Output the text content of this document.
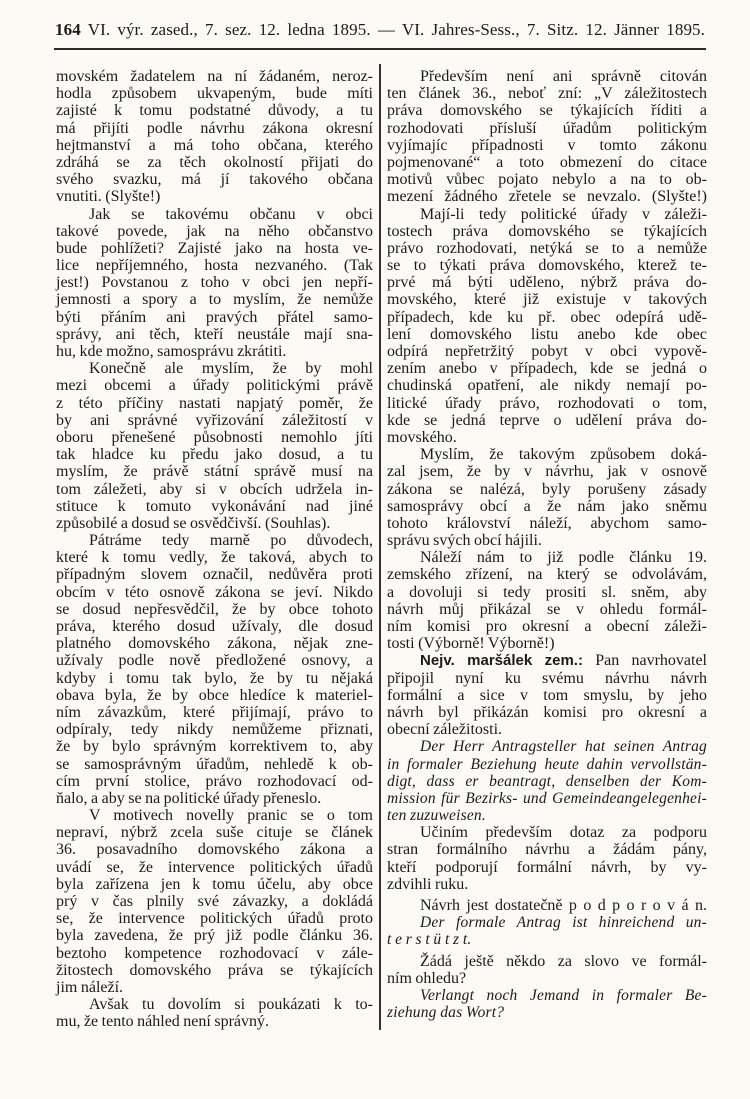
164 VI. výr. zased., 7. sez. 12. ledna 1895. — VI. Jahres-Sess., 7. Sitz. 12. Jänner 1895.
movském žadatelem na ní žádaném, neroz-
hodla způsobem ukvapeným, bude míti
zajisté k tomu podstatné důvody, a tu
má přijíti podle návrhu zákona okresní
hejtmanství a má toho občana, kterého
zdráhá se za těch okolností přijati do
svého svazku, má jí takového občana
vnutiti. (Slyšte!)
Jak se takovému občanu v obci
takové povede, jak na něho občanstvo
bude pohlížeti? Zajisté jako na hosta ve-
lice nepříjemného, hosta nezvaného. (Tak
jest!) Povstanou z toho v obci jen nepří-
jemnosti a spory a to myslím, že nemůže
býti přáním ani pravých přátel samo-
správy, ani těch, kteří neustále mají sna-
hu, kde možno, samosprávu zkrátiti.
Konečně ale myslím, že by mohl
mezi obcemi a úřady politickými právě
z této příčiny nastati napjatý poměr, že
by ani správné vyřizování záležitostí v
oboru přenešené působnosti nemohlo jíti
tak hladce ku předu jako dosud, a tu
myslím, že právě státní správě musí na
tom záležeti, aby si v obcích udržela in-
stituce k tomuto vykonávání nad jiné
způsobilé a dosud se osvědčivší. (Souhlas).
Pátráme tedy marně po důvodech,
které k tomu vedly, že taková, abych to
případným slovem označil, nedůvěra proti
obcím v této osnově zákona se jeví. Nikdo
se dosud nepřesvědčil, že by obce tohoto
práva, kterého dosud užívaly, dle dosud
platného domovského zákona, nějak zne-
užívaly podle nově předložené osnovy, a
kdyby i tomu tak bylo, že by tu nějaká
obava byla, že by obce hledíce k materiel-
ním závazkům, které přijímají, právo to
odpíraly, tedy nikdy nemůžeme přiznati,
že by bylo správným korrektivem to, aby
se samosprávným úřadům, nehledě k ob-
cím první stolice, právo rozhodovací od-
ňalo, a aby se na politické úřady přeneslo.
V motivech novelly pranic se o tom
nepraví, nýbrž zcela suše cituje se článek
36. posavadního domovského zákona a
uvádí se, že intervence politických úřadů
byla zařízena jen k tomu účelu, aby obce
prý v čas plnily své závazky, a dokládá
se, že intervence politických úřadů proto
byla zavedena, že prý již podle článku 36.
beztoho kompetence rozhodovací v zále-
žitostech domovského práva se týkajících
jim náleží.
Avšak tu dovolím si poukázati k to-
mu, že tento náhled není správný.
Především není ani správně citován
ten článek 36., neboť zní: „V záležitostech
práva domovského se týkajících říditi a
rozhodovati přísluší úřadům politickým
vyjímajíc případnosti v tomto zákonu
pojmenované“ a toto obmezení do citace
motivů vůbec pojato nebylo a na to ob-
mezení žádného zřetele se nevzalo. (Slyšte!)
Mají-li tedy politické úřady v záleži-
tostech práva domovského se týkajících
právo rozhodovati, netýká se to a nemůže
se to týkati práva domovského, kterež te-
prvé má býti uděleno, nýbrž práva do-
movského, které již existuje v takových
případech, kde ku př. obec odepírá udě-
lení domovského listu anebo kde obec
odpírá nepřetržitý pobyt v obci vypově-
zením anebo v případech, kde se jedná o
chudinská opatření, ale nikdy nemají po-
litické úřady právo, rozhodovati o tom,
kde se jedná teprve o udělení práva do-
movského.
Myslím, že takovým způsobem doká-
zal jsem, že by v návrhu, jak v osnově
zákona se nalézá, byly porušeny zásady
samosprávy obcí a že nám jako sněmu
tohoto království náleží, abychom samo-
správu svých obcí hájili.
Náleží nám to již podle článku 19.
zemského zřízení, na který se odvolávám,
a dovoluji si tedy prositi sl. sněm, aby
návrh můj přikázal se v ohledu formál-
ním komisi pro okresní a obecní záleži-
tosti (Výborně! Výborně!)
Nejv. maršálek zem.: Pan navrhovatel
připojil nyní ku svému návrhu návrh
formální a sice v tom smyslu, by jeho
návrh byl přikázán komisi pro okresní a
obecní záležitosti.
Der Herr Antragsteller hat seinen Antrag
in formaler Beziehung heute dahin vervollstän-
digt, dass er beantragt, denselben der Kom-
mission für Bezirks- und Gemeindeangelegenhei-
ten zuzuweisen.
Učiním především dotaz za podporu
stran formálního návrhu a žádám pány,
kteří podporují formální návrh, by vy-
zdvihli ruku.
Návrh jest dostatečně p o d p o r o v á n.
Der formale Antrag ist hinreichend un-
t e r s t ü t z t.
Žádá ještě někdo za slovo ve formál-
ním ohledu?
Verlangt noch Jemand in formaler Be-
ziehung das Wort?
